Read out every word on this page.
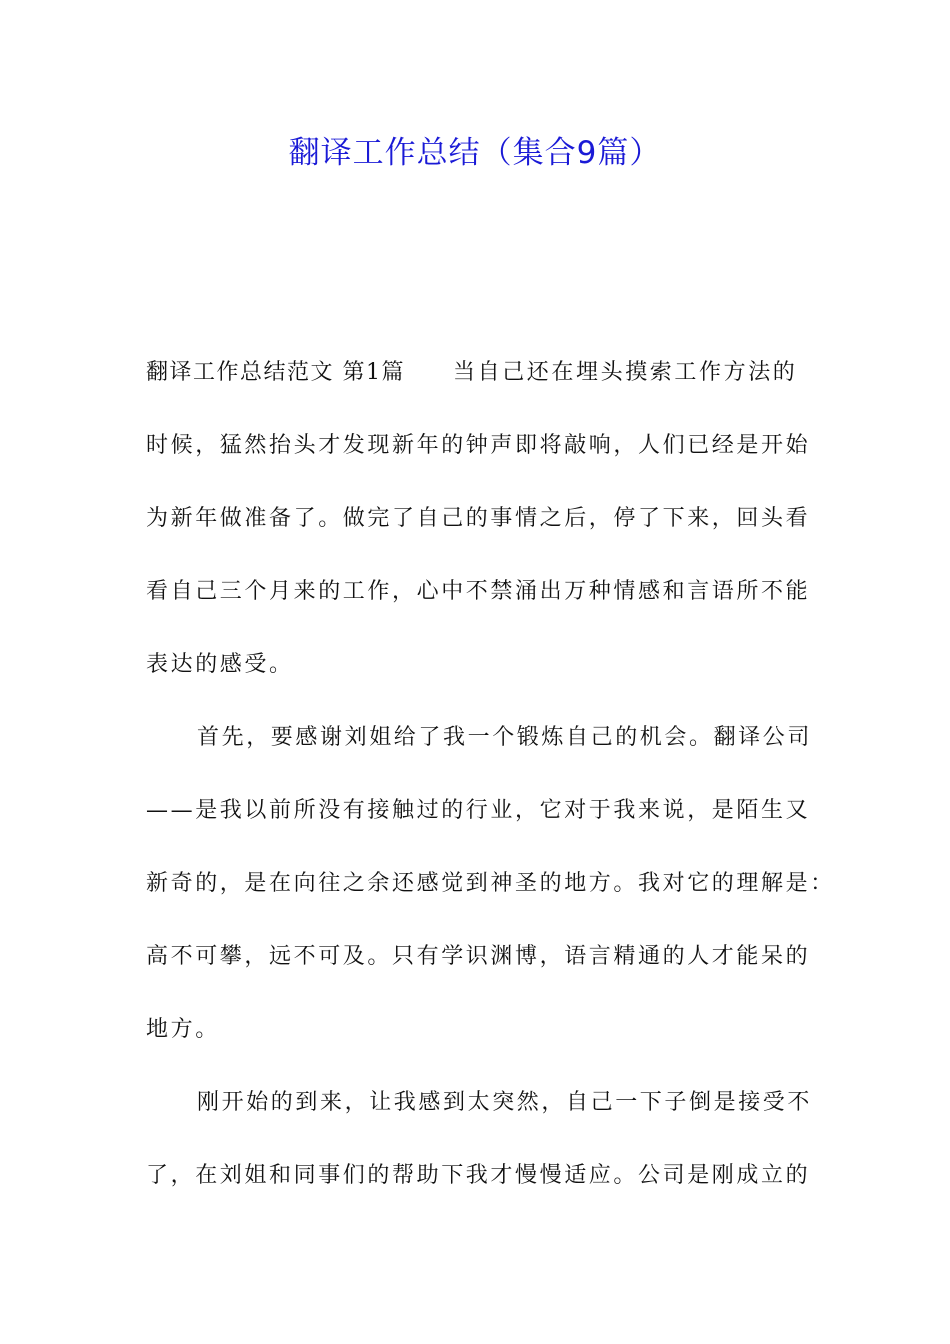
翻译工作总结（集合9篇）
翻译工作总结范文 第1篇 当自己还在埋头摸索工作方法的
时候，猛然抬头才发现新年的钟声即将敲响，人们已经是开始
为新年做准备了。做完了自己的事情之后，停了下来，回头看
看自己三个月来的工作，心中不禁涌出万种情感和言语所不能
表达的感受。
首先，要感谢刘姐给了我一个锻炼自己的机会。翻译公司
——是我以前所没有接触过的行业，它对于我来说，是陌生又
新奇的，是在向往之余还感觉到神圣的地方。我对它的理解是：
高不可攀，远不可及。只有学识渊博，语言精通的人才能呆的
地方。
刚开始的到来，让我感到太突然，自己一下子倒是接受不
了，在刘姐和同事们的帮助下我才慢慢适应。公司是刚成立的
